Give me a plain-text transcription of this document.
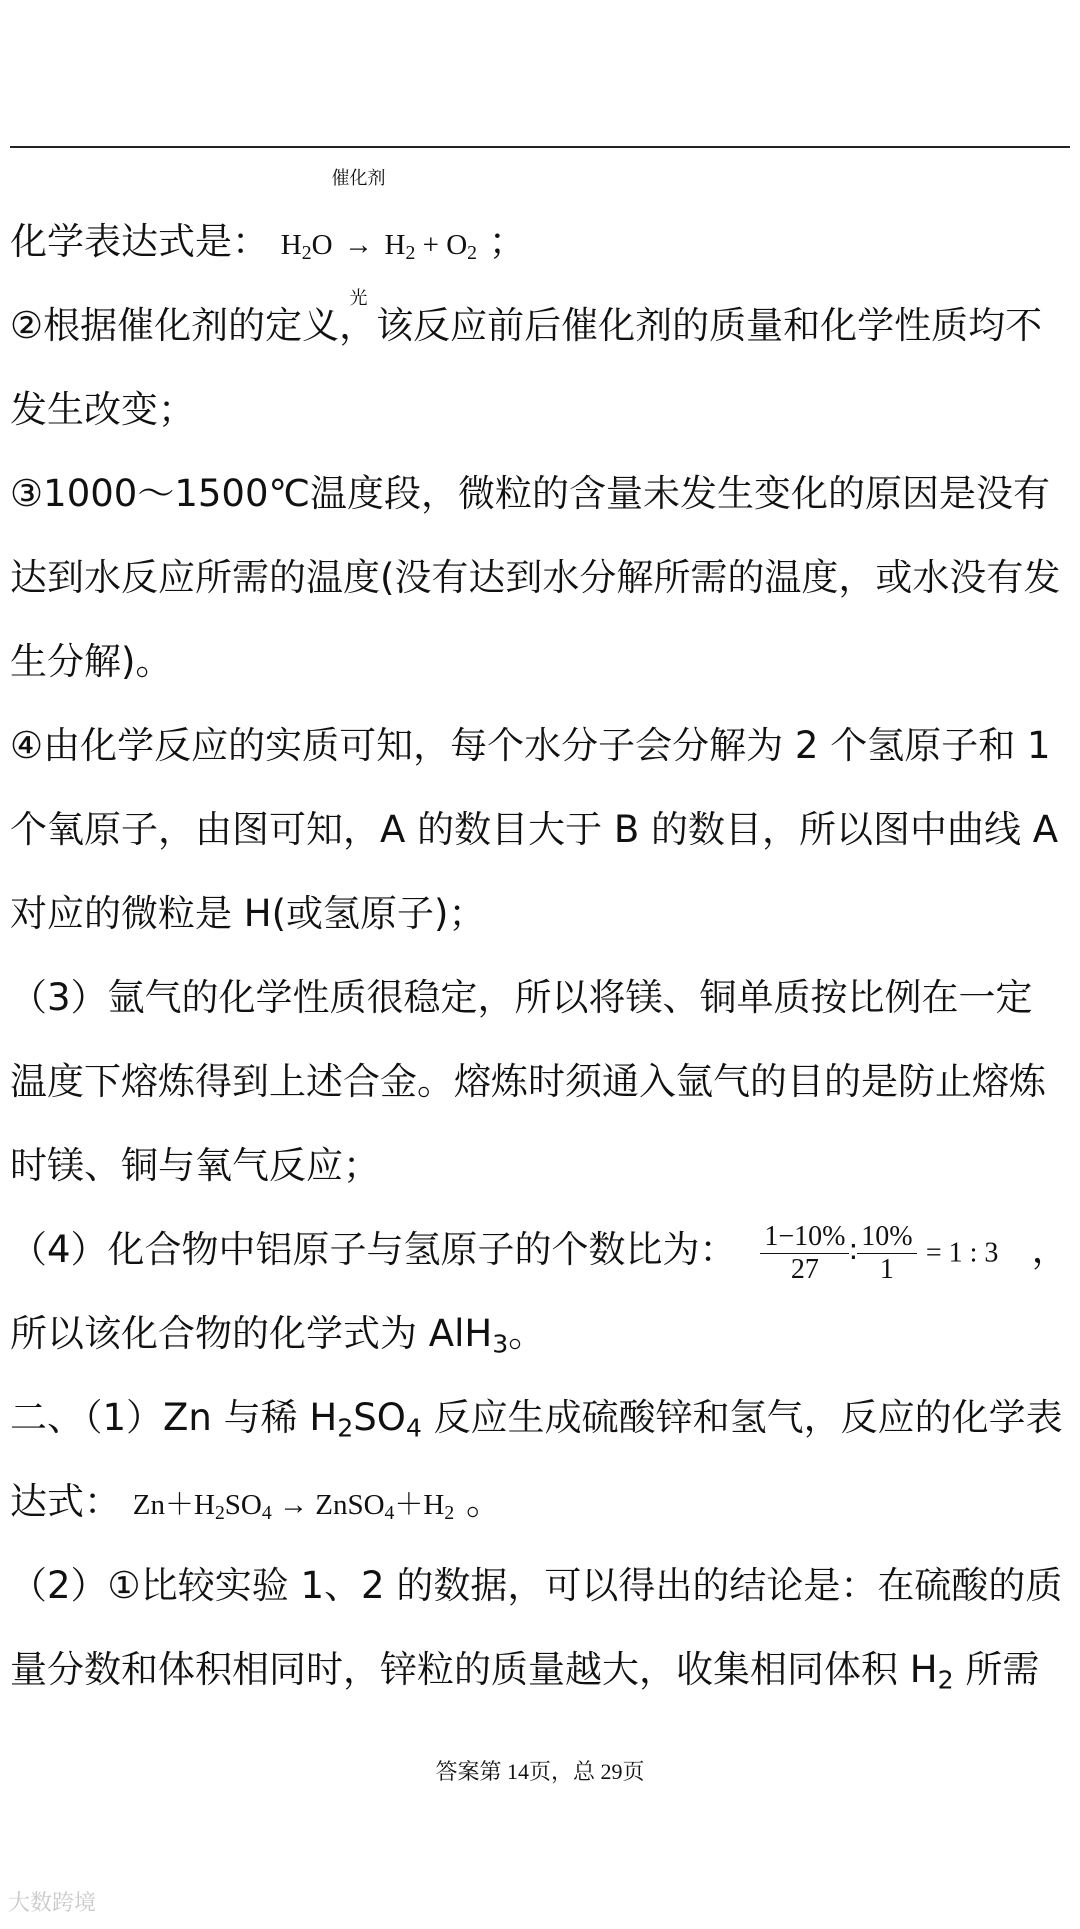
化学表达式是： $H_2O$
催化剂
→
光
$H_2 + O_2$ ；
②根据催化剂的定义，该反应前后催化剂的质量和化学性质均不
发生改变；
③1000～1500℃温度段，微粒的含量未发生变化的原因是没有
达到水反应所需的温度(没有达到水分解所需的温度，或水没有发
生分解)。
④由化学反应的实质可知，每个水分子会分解为 2 个氢原子和 1
个氧原子，由图可知，A 的数目大于 B 的数目，所以图中曲线 A
对应的微粒是 H(或氢原子)；
（3）氩气的化学性质很稳定，所以将镁、铜单质按比例在一定
温度下熔炼得到上述合金。熔炼时须通入氩气的目的是防止熔炼
时镁、铜与氧气反应；
（4）化合物中铝原子与氢原子的个数比为： $\frac{1-10\%}{27}$ ∶ $\frac{10\%}{1} = 1$ : 3 ，
所以该化合物的化学式为 AlH$_3$。
二、（1）Zn 与稀 $H_2SO_4$ 反应生成硫酸锌和氢气，反应的化学表
达式： $Zn+H_2SO_4$ → $ZnSO_4+H_2$ 。
（2）①比较实验 1、2 的数据，可以得出的结论是：在硫酸的质
量分数和体积相同时，锌粒的质量越大，收集相同体积 $H_2$ 所需
答案第 14页，总 29页
大数跨境
